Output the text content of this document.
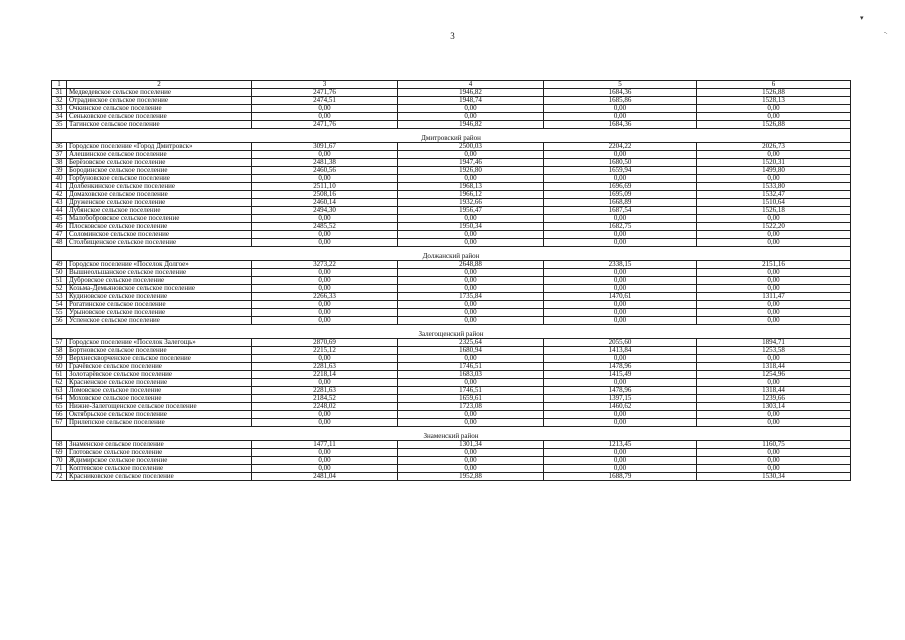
3
▾
-.
1	2	3	4	5	6
31	Медведевское сельское поселение	2471,76	1946,82	1684,36	1526,88
32	Отрадинское сельское поселение	2474,51	1948,74	1685,86	1528,13
33	Очкинское сельское поселение	0,00	0,00	0,00	0,00
34	Сеньковское сельское поселение	0,00	0,00	0,00	0,00
35	Тагинское сельское поселение	2471,76	1946,82	1684,36	1526,88
Дмитровский район					
36	Городское поселение «Город Дмитровск»	3091,67	2500,03	2204,22	2026,73
37	Алешинское сельское поселение	0,00	0,00	0,00	0,00
38	Берёзовское сельское поселение	2481,38	1947,46	1680,50	1520,31
39	Бородинское сельское поселение	2460,56	1926,80	1659,94	1499,80
40	Горбуновское сельское поселение	0,00	0,00	0,00	0,00
41	Долбенкинское сельское поселение	2511,10	1968,13	1696,69	1533,80
42	Домаховское сельское поселение	2508,16	1966,12	1695,09	1532,47
43	Друженское сельское поселение	2460,14	1932,66	1668,89	1510,64
44	Лубянское сельское поселение	2494,30	1956,47	1687,54	1526,18
45	Малобобровское сельское поселение	0,00	0,00	0,00	0,00
46	Плосковское сельское поселение	2485,52	1950,34	1682,75	1522,20
47	Соломинское сельское поселение	0,00	0,00	0,00	0,00
48	Столбищенское сельское поселение	0,00	0,00	0,00	0,00
Должанский район					
49	Городское поселение «Поселок Долгое»	3273,22	2648,88	2338,15	2151,16
50	Вышнеольшанское сельское поселение	0,00	0,00	0,00	0,00
51	Дубровское сельское поселение	0,00	0,00	0,00	0,00
52	Козьма-Демьяновское сельское поселение	0,00	0,00	0,00	0,00
53	Кудиновское сельское поселение	2266,33	1735,84	1470,61	1311,47
54	Рогатинское сельское поселение	0,00	0,00	0,00	0,00
55	Урыновское сельское поселение	0,00	0,00	0,00	0,00
56	Успенское сельское поселение	0,00	0,00	0,00	0,00
Залегощенский район					
57	Городское поселение «Поселок Залегощь»	2870,69	2325,64	2055,60	1894,71
58	Бортновское сельское поселение	2215,12	1680,94	1413,84	1253,58
59	Верхнескворченское сельское поселение	0,00	0,00	0,00	0,00
60	Грачёвское сельское поселение	2281,63	1746,51	1478,96	1318,44
61	Золотарёвское сельское поселение	2218,14	1683,03	1415,49	1254,96
62	Красненское сельское поселение	0,00	0,00	0,00	0,00
63	Ломовское сельское поселение	2281,63	1746,51	1478,96	1318,44
64	Моховское сельское поселение	2184,52	1659,61	1397,15	1239,66
65	Нижне-Залегощенское сельское поселение	2248,02	1723,08	1460,62	1303,14
66	Октябрьское сельское поселение	0,00	0,00	0,00	0,00
67	Прилепское сельское поселение	0,00	0,00	0,00	0,00
Знаменский район					
68	Знаменское сельское поселение	1477,11	1301,34	1213,45	1160,75
69	Глотовское сельское поселение	0,00	0,00	0,00	0,00
70	Ждимирское сельское поселение	0,00	0,00	0,00	0,00
71	Коптевское сельское поселение	0,00	0,00	0,00	0,00
72	Красниковское сельское поселение	2481,04	1952,88	1688,79	1530,34
